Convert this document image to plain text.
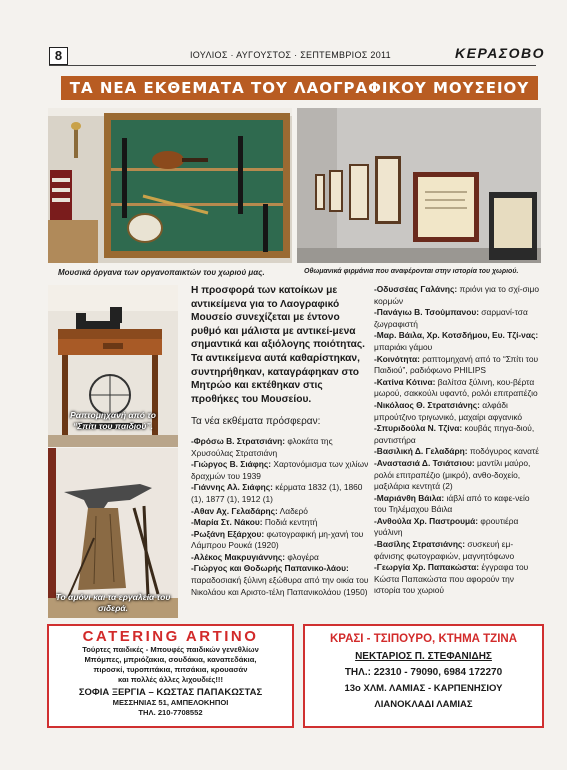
8	ΙΟΥΛΙΟΣ · ΑΥΓΟΥΣΤΟΣ · ΣΕΠΤΕΜΒΡΙΟΣ 2011	ΚΕΡΑΣΟΒΟ
ΤΑ ΝΕΑ ΕΚΘΕΜΑΤΑ ΤΟΥ ΛΑΟΓΡΑΦΙΚΟΥ ΜΟΥΣΕΙΟΥ
Μουσικά όργανα των οργανοπαικτών του χωριού μας.	Οθωμανικά φιρμάνια που αναφέρονται στην ιστορία του χωριού.
Ραπτομηχανή από το “Σπίτι του παιδιού”.
Το αμόνι και τα εργαλεία του σιδερά.

Η προσφορά των κατοίκων με αντικείμενα για το Λαογραφικό Μουσείο συνεχίζεται με έντονο ρυθμό και μάλιστα με αντικεί-μενα σημαντικά και αξιόλογης ποιότητας. Τα αντικείμενα αυτά καθαρίστηκαν, συντηρήθηκαν, καταγράφηκαν στο Μητρώο και εκτέθηκαν στις προθήκες του Μουσείου.

Τα νέα εκθέματα πρόσφεραν:

-Φρόσω Β. Στρατσιάνη: φλοκάτα της Χρυσούλας Στρατσιάνη

-Γιώργος Β. Σιάφης: Χαρτονόμισμα των χιλίων δραχμών του 1939

-Γιάννης Αλ. Σιάφης: κέρματα 1832 (1), 1860 (1), 1877 (1), 1912 (1)

-Αθαν Αχ. Γελαδάρης: Λαδερό

-Μαρία Στ. Νάκου: Ποδιά κεντητή

-Ρωξάνη Εξάρχου: φωτογραφική μη-χανή του Λάμπρου Ρουκά (1920)

-Αλέκος Μακρυγιάννης: φλογέρα

-Γιώργος και Θοδωρής Παπανικο-λάου: παραδοσιακή ξύλινη εξώθυρα από την οικία του Νικολάου και Αριστο-τέλη Παπανικολάου (1950)

-Οδυσσέας Γαλάνης: πριόνι για το σχί-σιμο κορμών

-Πανάγιω Β. Τσούμπανου: σαρμανί-τσα ζωγραφιστή

-Μαρ. Βάιλα, Χρ. Κοτσδήμου, Ευ. Τζί-νας: μπαριάκι γάμου

-Κοινότητα: ραπτομηχανή από το “Σπίτι του Παιδιού”, ραδιόφωνο PHILIPS

-Κατίνα Κότινα: βαλίτσα ξύλινη, κου-βέρτα μωρού, σακκούλι υφαντό, ρολόι επιτραπέζιο

-Νικόλαος Θ. Στρατσιάνης: αλφάδι μπρούτζινο τριγωνικό, μαχαίρι αφγανικό

-Σπυριδούλα Ν. Τζίνα: κουβάς πηγα-διού, ραντιστήρα

-Βασιλική Δ. Γελαδάρη: ποδόγυρος κανατέ

-Αναστασιά Δ. Τσιάτσιου: μαντίλι μαύρο, ρολόι επιτραπέζιο (μικρό), ανθο-δοχείο, μαξιλάρια κεντητά (2)

-Μαριάνθη Βάιλα: ιάβλί από το καφε-νείο του Τηλέμαχου Βάιλα

-Ανθούλα Χρ. Παστρουμά: φρουτιέρα γυάλινη

-Βασίλης Στρατσιάνης: συσκευή εμ-φάνισης φωτογραφιών, μαγνητόφωνο

-Γεωργία Χρ. Παπακώστα: έγγραφα του Κώστα Παπακώστα που αφορούν την ιστορία του χωριού

CATERING ARTINO
Τούρτες παιδικές - Μπουφές παιδικών γενεθλίων
Μπόμπες, μπριόζακια, σουδάκια, καναπεδάκια,
πιροσκί, τυροπιτάκια, πιτσάκια, κρουασάν
και πολλές άλλες λιχουδιές!!!
ΣΟΦΙΑ ΞΕΡΓΙΑ – ΚΩΣΤΑΣ ΠΑΠΑΚΩΣΤΑΣ
ΜΕΣΣΗΝΙΑΣ 51, ΑΜΠΕΛΟΚΗΠΟΙ
ΤΗΛ. 210-7708552
ΚΡΑΣΙ - ΤΣΙΠΟΥΡΟ, ΚΤΗΜΑ ΤΖΙΝΑ
ΝΕΚΤΑΡΙΟΣ Π. ΣΤΕΦΑΝΙΔΗΣ
ΤΗΛ.: 22310 - 79090, 6984 172270
13ο ΧΛΜ. ΛΑΜΙΑΣ - ΚΑΡΠΕΝΗΣΙΟΥ
ΛΙΑΝΟΚΛΑΔΙ ΛΑΜΙΑΣ
